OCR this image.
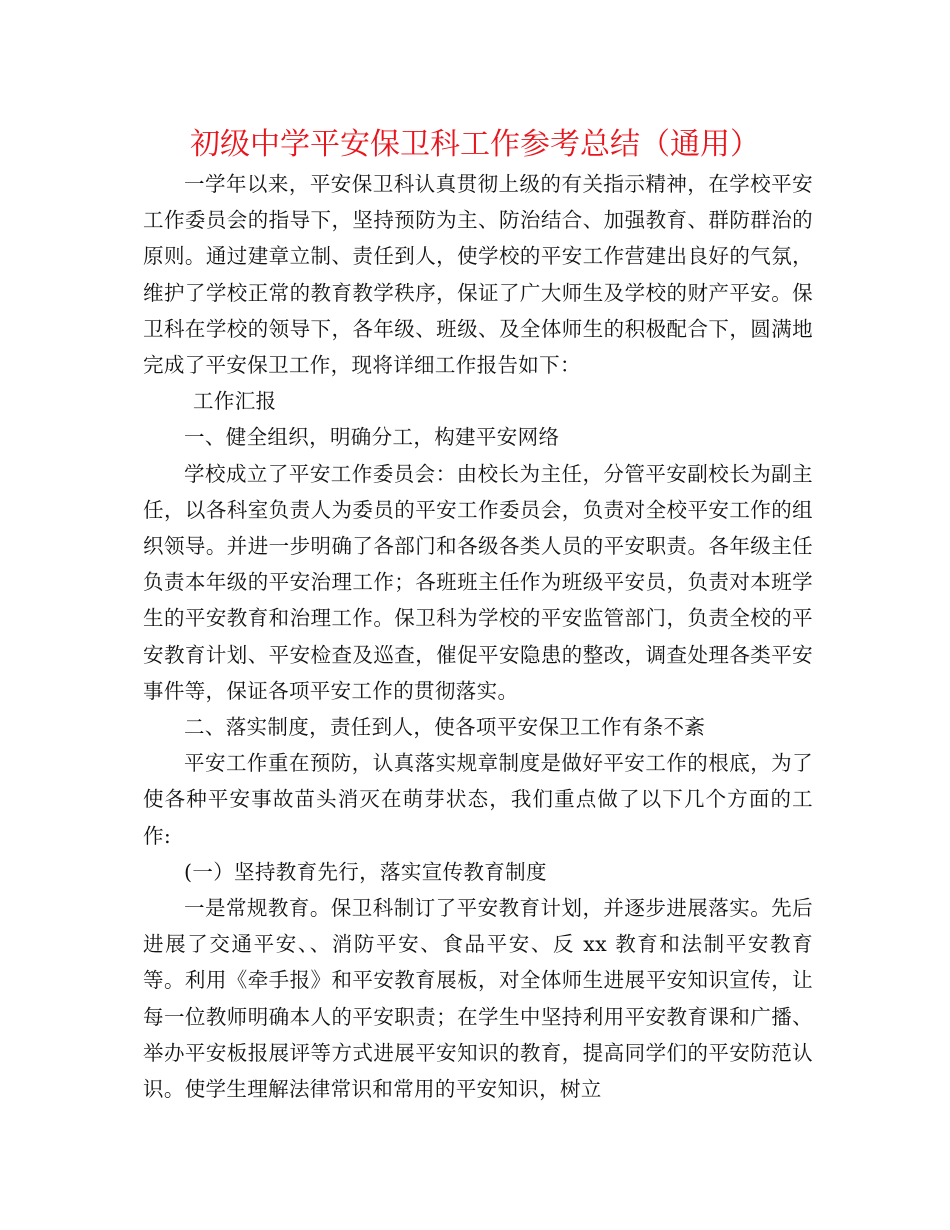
初级中学平安保卫科工作参考总结（通用）

一学年以来，平安保卫科认真贯彻上级的有关指示精神，在学校平安工作委员会的指导下，坚持预防为主、防治结合、加强教育、群防群治的原则。通过建章立制、责任到人，使学校的平安工作营建出良好的气氛，维护了学校正常的教育教学秩序，保证了广大师生及学校的财产平安。保卫科在学校的领导下，各年级、班级、及全体师生的积极配合下，圆满地完成了平安保卫工作，现将详细工作报告如下：

工作汇报

一、健全组织，明确分工，构建平安网络

学校成立了平安工作委员会：由校长为主任，分管平安副校长为副主任，以各科室负责人为委员的平安工作委员会，负责对全校平安工作的组织领导。并进一步明确了各部门和各级各类人员的平安职责。各年级主任负责本年级的平安治理工作；各班班主任作为班级平安员，负责对本班学生的平安教育和治理工作。保卫科为学校的平安监管部门，负责全校的平安教育计划、平安检查及巡查，催促平安隐患的整改，调查处理各类平安事件等，保证各项平安工作的贯彻落实。

二、落实制度，责任到人，使各项平安保卫工作有条不紊

平安工作重在预防，认真落实规章制度是做好平安工作的根底，为了使各种平安事故苗头消灭在萌芽状态，我们重点做了以下几个方面的工作:

(一）坚持教育先行，落实宣传教育制度

一是常规教育。保卫科制订了平安教育计划，并逐步进展落实。先后进展了交通平安、、消防平安、食品平安、反 xx 教育和法制平安教育等。利用《牵手报》和平安教育展板，对全体师生进展平安知识宣传，让每一位教师明确本人的平安职责；在学生中坚持利用平安教育课和广播、举办平安板报展评等方式进展平安知识的教育，提高同学们的平安防范认识。使学生理解法律常识和常用的平安知识，树立
